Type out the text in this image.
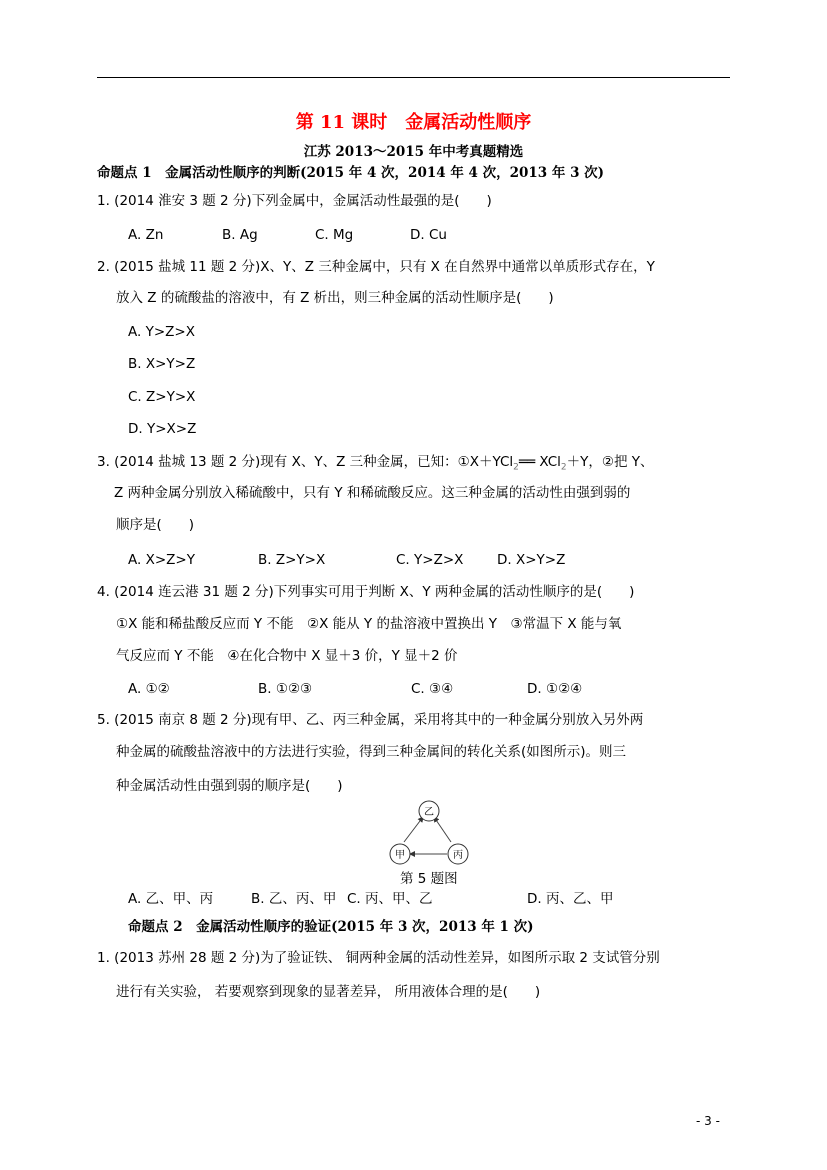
第 11 课时　金属活动性顺序
江苏 2013～2015 年中考真题精选
命题点 1　金属活动性顺序的判断(2015 年 4 次，2014 年 4 次，2013 年 3 次)
1. (2014 淮安 3 题 2 分)下列金属中，金属活动性最强的是(　　)
A. Zn	B. Ag	C. Mg	D. Cu
2. (2015 盐城 11 题 2 分)X、Y、Z 三种金属中，只有 X 在自然界中通常以单质形式存在，Y
放入 Z 的硫酸盐的溶液中，有 Z 析出，则三种金属的活动性顺序是(　　)
A. Y>Z>X
B. X>Y>Z
C. Z>Y>X
D. Y>X>Z
3. (2014 盐城 13 题 2 分)现有 X、Y、Z 三种金属，已知：①X＋YCl$_2$══ XCl$_2$＋Y，②把 Y、
Z 两种金属分别放入稀硫酸中，只有 Y 和稀硫酸反应。这三种金属的活动性由强到弱的
顺序是(　　)
A. X>Z>Y	B. Z>Y>X	C. Y>Z>X D. X>Y>Z
4. (2014 连云港 31 题 2 分)下列事实可用于判断 X、Y 两种金属的活动性顺序的是(　　)
①X 能和稀盐酸反应而 Y 不能　②X 能从 Y 的盐溶液中置换出 Y　③常温下 X 能与氧
气反应而 Y 不能　④在化合物中 X 显＋3 价，Y 显＋2 价
A. ①②	B. ①②③	C. ③④	D. ①②④
5. (2015 南京 8 题 2 分)现有甲、乙、丙三种金属，采用将其中的一种金属分别放入另外两
种金属的硫酸盐溶液中的方法进行实验，得到三种金属间的转化关系(如图所示)。则三
种金属活动性由强到弱的顺序是(　　)
乙
甲	丙
第 5 题图
A. 乙、甲、丙	B. 乙、丙、甲 C. 丙、甲、乙	D. 丙、乙、甲
命题点 2　金属活动性顺序的验证(2015 年 3 次，2013 年 1 次)
1. (2013 苏州 28 题 2 分)为了验证铁、 铜两种金属的活动性差异，如图所示取 2 支试管分别
进行有关实验， 若要观察到现象的显著差异， 所用液体合理的是(　　)
- 3 -
